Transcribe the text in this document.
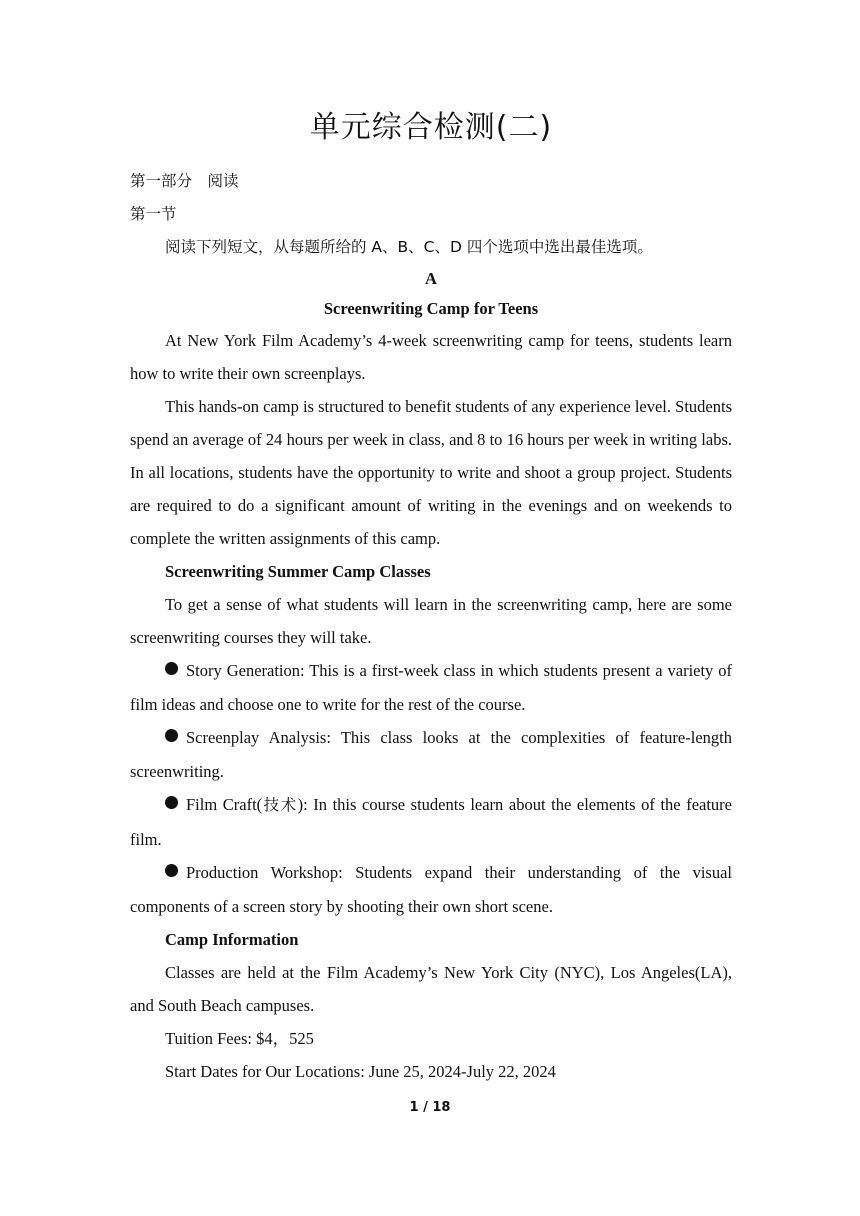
单元综合检测(二)
第一部分　阅读
第一节

阅读下列短文，从每题所给的 A、B、C、D 四个选项中选出最佳选项。

A

Screenwriting Camp for Teens

At New York Film Academy’s 4-week screenwriting camp for teens, students learn how to write their own screenplays.

This hands-on camp is structured to benefit students of any experience level. Students spend an average of 24 hours per week in class, and 8 to 16 hours per week in writing labs. In all locations, students have the opportunity to write and shoot a group project. Students are required to do a significant amount of writing in the evenings and on weekends to complete the written assignments of this camp.

Screenwriting Summer Camp Classes

To get a sense of what students will learn in the screenwriting camp, here are some screenwriting courses they will take.

Story Generation: This is a first-week class in which students present a variety of film ideas and choose one to write for the rest of the course.

Screenplay Analysis: This class looks at the complexities of feature-length screenwriting.

Film Craft(技术): In this course students learn about the elements of the feature film.

Production Workshop: Students expand their understanding of the visual components of a screen story by shooting their own short scene.

Camp Information

Classes are held at the Film Academy’s New York City (NYC), Los Angeles(LA), and South Beach campuses.

Tuition Fees: $4，525

Start Dates for Our Locations: June 25, 2024-July 22, 2024

1 / 18
